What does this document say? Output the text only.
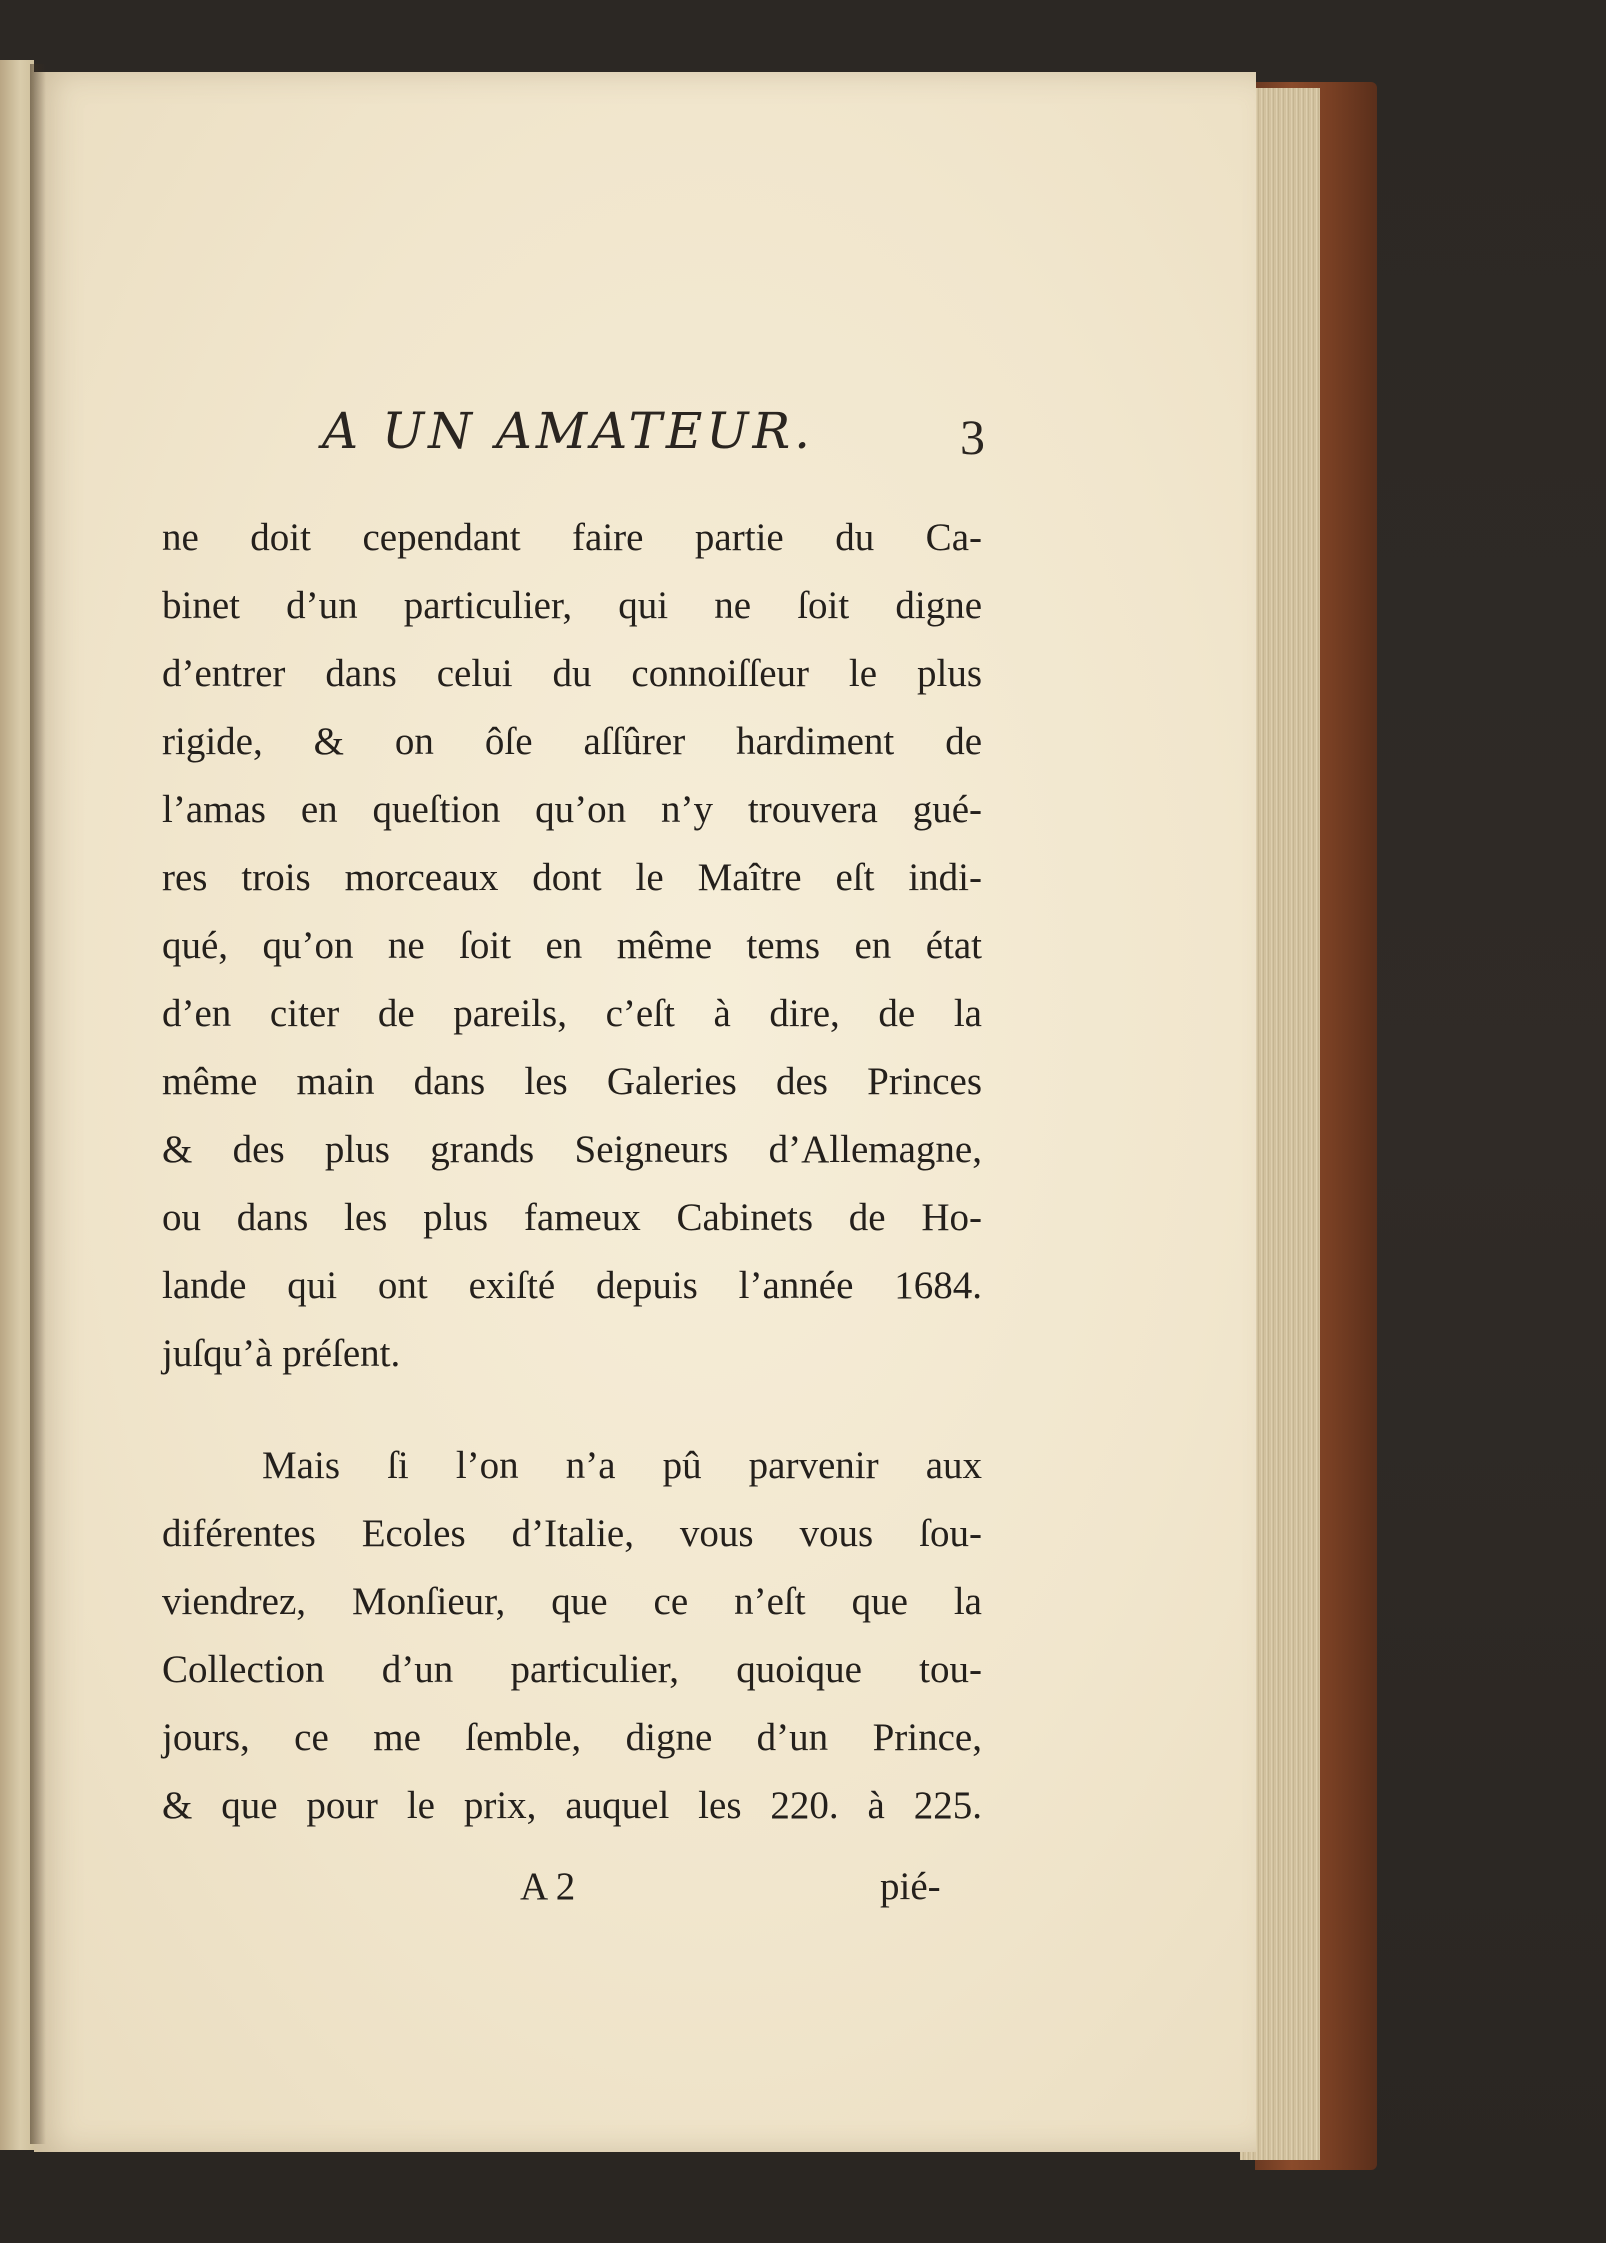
A UN AMATEUR.	3
ne doit cependant faire partie du Ca-
binet d’un particulier, qui ne ſoit digne
d’entrer dans celui du connoiſſeur le plus
rigide, & on ôſe aſſûrer hardiment de
l’amas en queſtion qu’on n’y trouvera gué-
res trois morceaux dont le Maître eſt indi-
qué, qu’on ne ſoit en même tems en état
d’en citer de pareils, c’eſt à dire, de la
même main dans les Galeries des Princes
& des plus grands Seigneurs d’Allemagne,
ou dans les plus fameux Cabinets de Ho-
lande qui ont exiſté depuis l’année 1684.
juſqu’à préſent.
Mais ſi l’on n’a pû parvenir aux
diférentes Ecoles d’Italie, vous vous ſou-
viendrez, Monſieur, que ce n’eſt que la
Collection d’un particulier, quoique tou-
jours, ce me ſemble, digne d’un Prince,
& que pour le prix, auquel les 220. à 225.
A 2	pié-
